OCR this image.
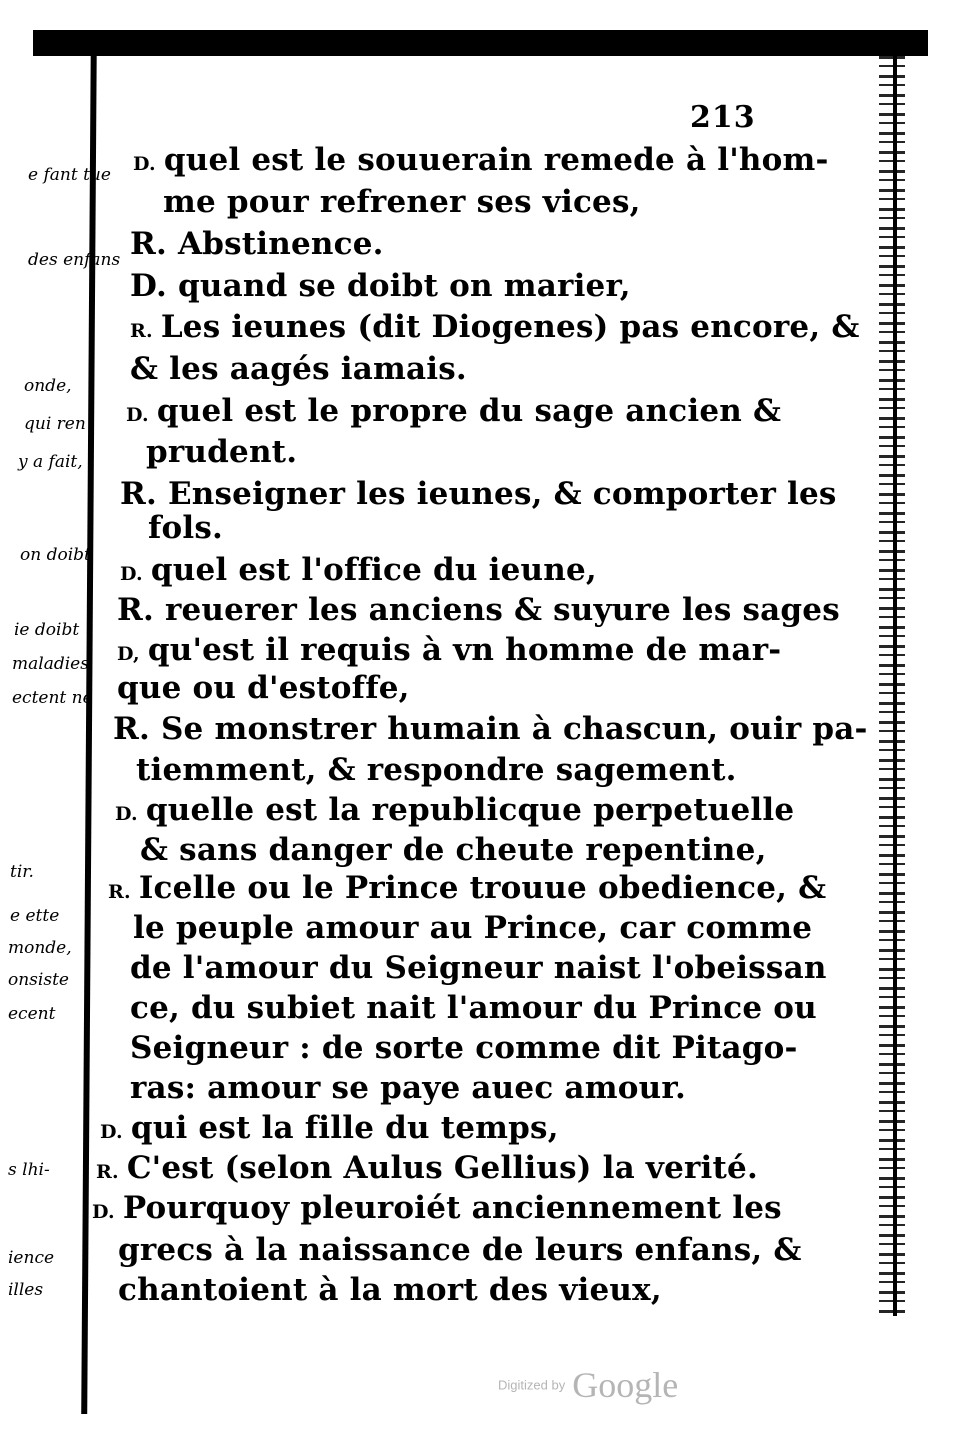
213
e fant tue
des enfans
onde,
qui ren
y a fait,
on doibt
ie doibt
maladies
ectent ne
tir.
e ette
monde,
onsiste
ecent
s lhi-
ience
illes
D. quel est le souuerain remede à l'hom-
me pour refrener ses vices,
R. Abstinence.
D. quand se doibt on marier,
R. Les ieunes (dit Diogenes) pas encore, &
& les aagés iamais.
D. quel est le propre du sage ancien &
prudent.
R. Enseigner les ieunes, & comporter les
fols.
D. quel est l'office du ieune,
R. reuerer les anciens & suyure les sages
D, qu'est il requis à vn homme de mar-
que ou d'estoffe,
R. Se monstrer humain à chascun, ouir pa-
tiemment, & respondre sagement.
D. quelle est la republicque perpetuelle
& sans danger de cheute repentine,
R. Icelle ou le Prince trouue obedience, &
le peuple amour au Prince, car comme
de l'amour du Seigneur naist l'obeissan
ce, du subiet nait l'amour du Prince ou
Seigneur : de sorte comme dit Pitago-
ras: amour se paye auec amour.
D. qui est la fille du temps,
R. C'est (selon Aulus Gellius) la verité.
D. Pourquoy pleuroiét anciennement les
grecs à la naissance de leurs enfans, &
chantoient à la mort des vieux,
Digitized by Google
